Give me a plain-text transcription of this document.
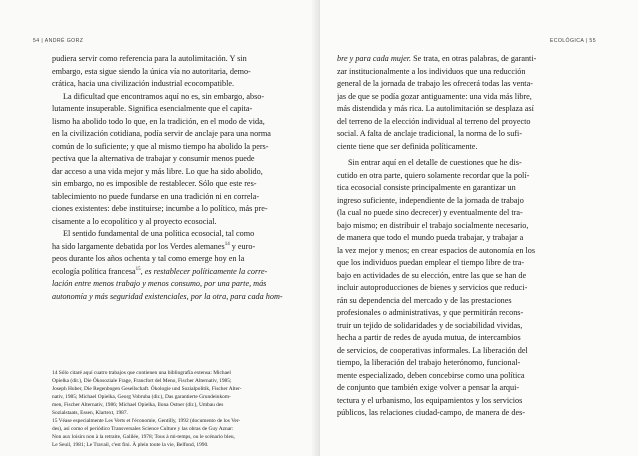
54 | ANDRÉ GORZ
pudiera servir como referencia para la autolimitación. Y sin
embargo, esta sigue siendo la única vía no autoritaria, demo-
crática, hacia una civilización industrial ecocompatible.
La dificultad que encontramos aquí no es, sin embargo, abso-
lutamente insuperable. Significa esencialmente que el capita-
lismo ha abolido todo lo que, en la tradición, en el modo de vida,
en la civilización cotidiana, podía servir de anclaje para una norma
común de lo suficiente; y que al mismo tiempo ha abolido la pers-
pectiva que la alternativa de trabajar y consumir menos puede
dar acceso a una vida mejor y más libre. Lo que ha sido abolido,
sin embargo, no es imposible de restablecer. Sólo que este res-
tablecimiento no puede fundarse en una tradición ni en correla-
ciones existentes: debe instituirse; incumbe a lo político, más pre-
cisamente a lo ecopolítico y al proyecto ecosocial.
El sentido fundamental de una política ecosocial, tal como
ha sido largamente debatida por los Verdes alemanes$^{14}$ y euro-
peos durante los años ochenta y tal como emerge hoy en la
ecología política francesa$^{15}$, es restablecer políticamente la corre-
lación entre menos trabajo y menos consumo, por una parte, más
autonomía y más seguridad existenciales, por la otra, para cada hom-
14 Sólo citaré aquí cuatro trabajos que contienen una bibliografía extensa: Michael
Opielka (dir.), Die Ökosoziale Frage, Francfort del Meno, Fischer Alternativ, 1985;
Joseph Huber, Die Regenbogen Gesellschaft. Ökologie und Sozialpolitik, Fischer Alter-
nativ, 1985; Michael Opielka, Georg Vobruba (dir.), Das garantierte Grundeinkom-
men, Fischer Alternativ, 1986; Michael Opielka, Ilona Ostner (dir.), Umbau des
Sozialstaats, Essen, Klartext, 1987.
15 Véase especialmente Les Verts et l'économie, Gentilly, 1992 (documento de los Ver-
des), así como el periódico Transversales Science Culture y las obras de Guy Aznar:
Non aux loisirs non à la retraite, Galilée, 1978; Tous à mi-temps, ou le scénario bleu,
Le Seuil, 1981; Le Travail, c'est fini. À plein toute la vie, Belfond, 1990.
ECOLÓGICA | 55
bre y para cada mujer. Se trata, en otras palabras, de garanti-
zar institucionalmente a los individuos que una reducción
general de la jornada de trabajo les ofrecerá todas las venta-
jas de que se podía gozar antiguamente: una vida más libre,
más distendida y más rica. La autolimitación se desplaza así
del terreno de la elección individual al terreno del proyecto
social. A falta de anclaje tradicional, la norma de lo sufi-
ciente tiene que ser definida políticamente.
Sin entrar aquí en el detalle de cuestiones que he dis-
cutido en otra parte, quiero solamente recordar que la polí-
tica ecosocial consiste principalmente en garantizar un
ingreso suficiente, independiente de la jornada de trabajo
(la cual no puede sino decrecer) y eventualmente del tra-
bajo mismo; en distribuir el trabajo socialmente necesario,
de manera que todo el mundo pueda trabajar, y trabajar a
la vez mejor y menos; en crear espacios de autonomía en los
que los individuos puedan emplear el tiempo libre de tra-
bajo en actividades de su elección, entre las que se han de
incluir autoproducciones de bienes y servicios que reduci-
rán su dependencia del mercado y de las prestaciones
profesionales o administrativas, y que permitirán recons-
truir un tejido de solidaridades y de sociabilidad vividas,
hecha a partir de redes de ayuda mutua, de intercambios
de servicios, de cooperativas informales. La liberación del
tiempo, la liberación del trabajo heterónomo, funcional-
mente especializado, deben concebirse como una política
de conjunto que también exige volver a pensar la arqui-
tectura y el urbanismo, los equipamientos y los servicios
públicos, las relaciones ciudad-campo, de manera de des-
